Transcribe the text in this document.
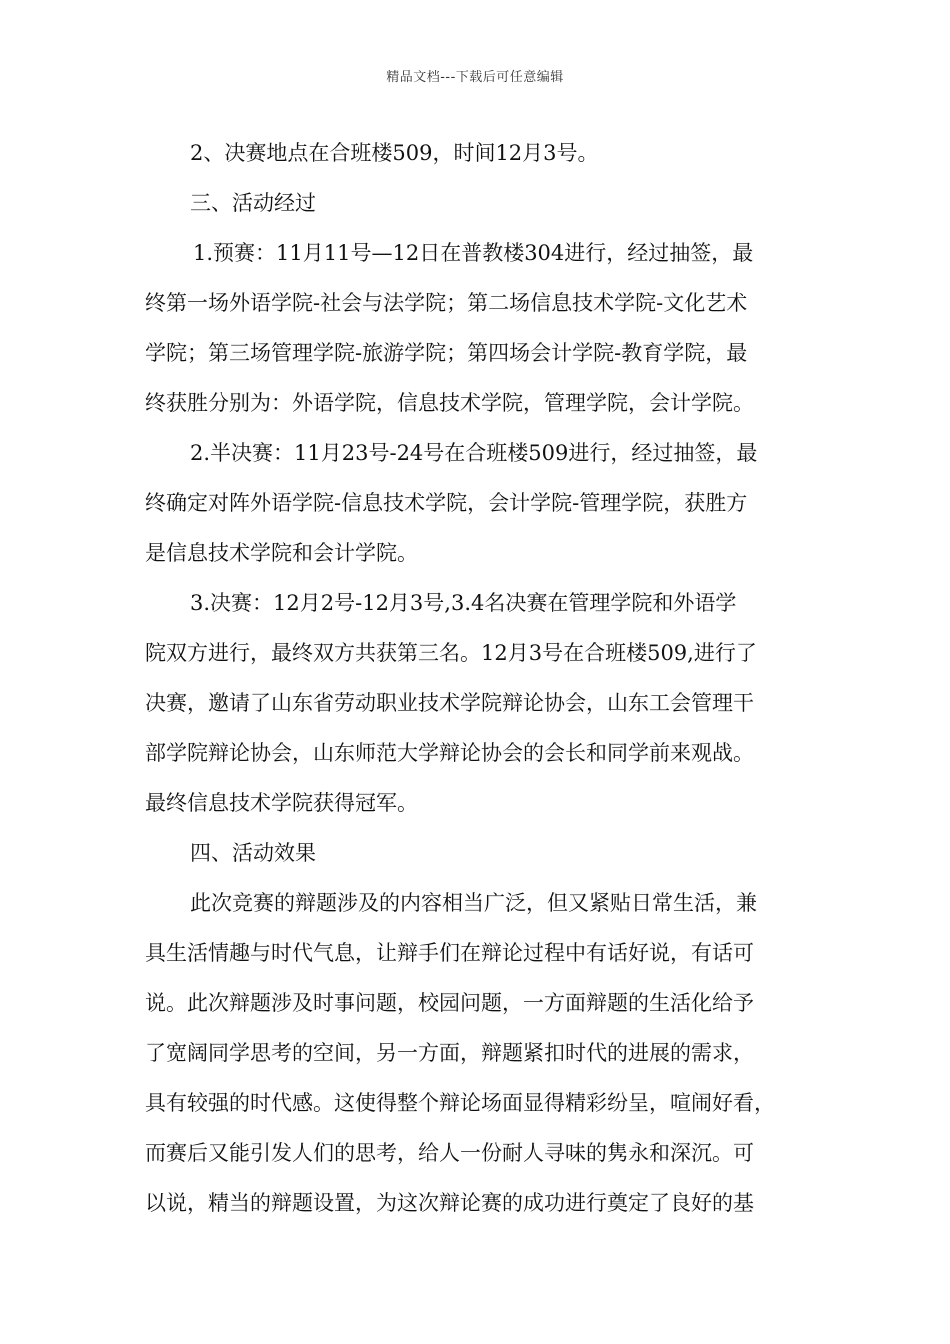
精品文档---下载后可任意编辑
2、决赛地点在合班楼509，时间12月3号。
三、活动经过
1.预赛：11月11号—12日在普教楼304进行，经过抽签，最
终第一场外语学院-社会与法学院；第二场信息技术学院-文化艺术
学院；第三场管理学院-旅游学院；第四场会计学院-教育学院，最
终获胜分别为：外语学院，信息技术学院，管理学院，会计学院。
2.半决赛：11月23号-24号在合班楼509进行，经过抽签，最
终确定对阵外语学院-信息技术学院，会计学院-管理学院，获胜方
是信息技术学院和会计学院。
3.决赛：12月2号-12月3号,3.4名决赛在管理学院和外语学
院双方进行，最终双方共获第三名。12月3号在合班楼509,进行了
决赛，邀请了山东省劳动职业技术学院辩论协会，山东工会管理干
部学院辩论协会，山东师范大学辩论协会的会长和同学前来观战。
最终信息技术学院获得冠军。
四、活动效果
此次竞赛的辩题涉及的内容相当广泛，但又紧贴日常生活，兼
具生活情趣与时代气息，让辩手们在辩论过程中有话好说，有话可
说。此次辩题涉及时事问题，校园问题，一方面辩题的生活化给予
了宽阔同学思考的空间，另一方面，辩题紧扣时代的进展的需求，
具有较强的时代感。这使得整个辩论场面显得精彩纷呈，喧闹好看，
而赛后又能引发人们的思考，给人一份耐人寻味的隽永和深沉。可
以说，精当的辩题设置，为这次辩论赛的成功进行奠定了良好的基
